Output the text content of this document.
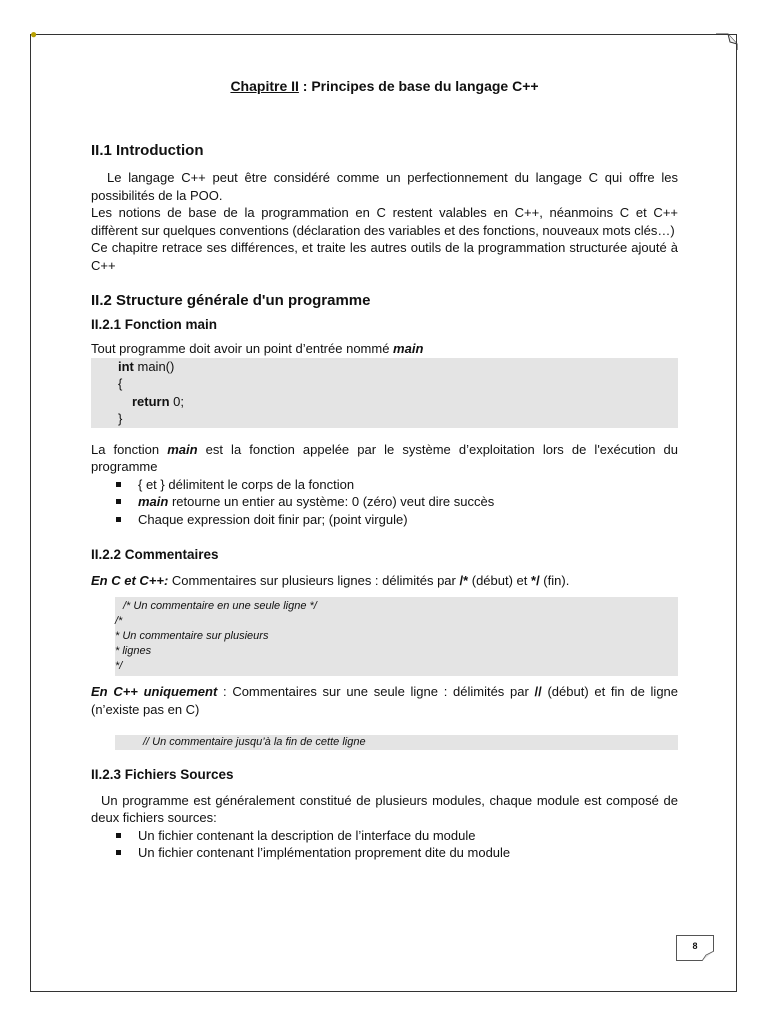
●
Chapitre II : Principes de base du langage C++
II.1 Introduction

Le langage C++ peut être considéré comme un perfectionnement du langage C qui offre les possibilités de la POO.

Les notions de base de la programmation en C restent valables en C++, néanmoins C et C++ diffèrent sur quelques conventions (déclaration des variables et des fonctions, nouveaux mots clés…)

Ce chapitre retrace ses différences, et traite les autres outils de la programmation structurée ajouté à C++

II.2 Structure générale d'un programme
II.2.1 Fonction main

Tout programme doit avoir un point d’entrée nommé main

int main()
{
return 0;
}

La fonction main est la fonction appelée par le système d’exploitation lors de l'exécution du programme

{ et } délimitent le corps de la fonction
main retourne un entier au système: 0 (zéro) veut dire succès
Chaque expression doit finir par; (point virgule)
II.2.2 Commentaires

En C et C++: Commentaires sur plusieurs lignes : délimités par /* (début) et */ (fin).

/* Un commentaire en une seule ligne */
/*
* Un commentaire sur plusieurs
* lignes
*/

En C++ uniquement : Commentaires sur une seule ligne : délimités par // (début) et fin de ligne (n’existe pas en C)

// Un commentaire jusqu’à la fin de cette ligne
II.2.3 Fichiers Sources

Un programme est généralement constitué de plusieurs modules, chaque module est composé de deux fichiers sources:

Un fichier contenant la description de l’interface du module
Un fichier contenant l’implémentation proprement dite du module
8
